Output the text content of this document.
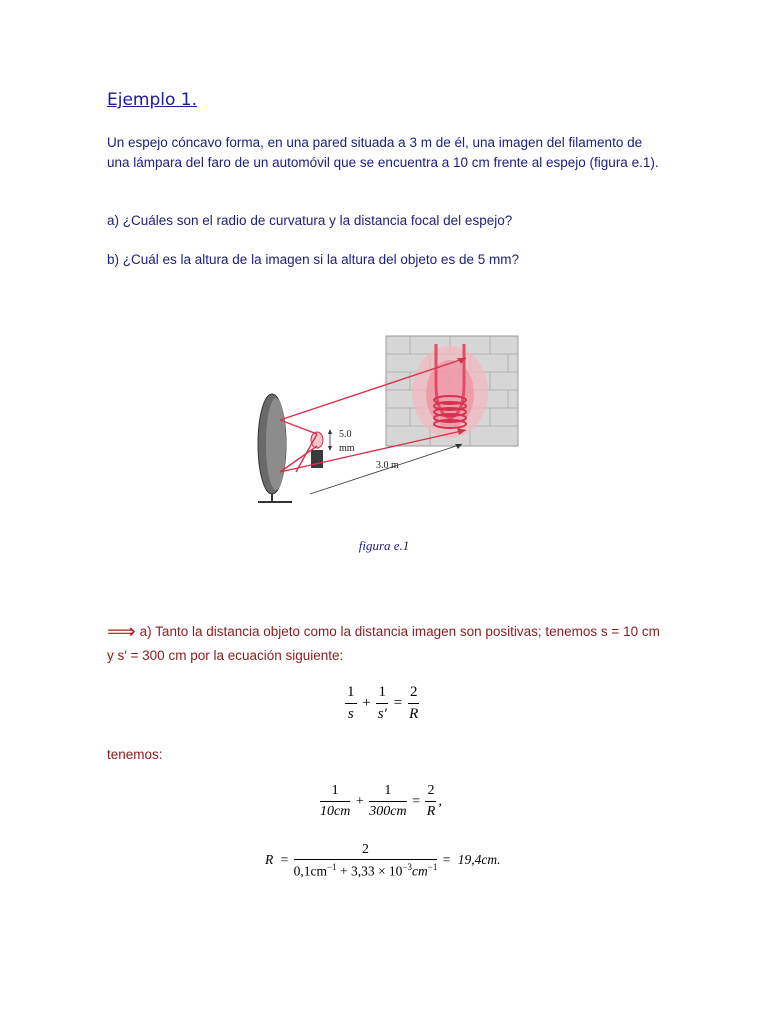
Ejemplo 1.
Un espejo cóncavo forma, en una pared situada a 3 m de él, una imagen del filamento de una lámpara del faro de un automóvil que se encuentra a 10 cm frente al espejo (figura e.1).
a) ¿Cuáles son el radio de curvatura y la distancia focal del espejo?
b) ¿Cuál es la altura de la imagen si la altura del objeto es de 5 mm?
5.0
mm
3.0 m
figura e.1
⟹ a) Tanto la distancia objeto como la distancia imagen son positivas; tenemos s = 10 cm y s′ = 300 cm por la ecuación siguiente:
$\frac{1}{s} + \frac{1}{s'} = \frac{2}{R}$
tenemos:
$\frac{1}{10cm} + \frac{1}{300cm} = \frac{2}{R}$ ,
$R = \frac{2}{0,1cm^{-1} + 3,33 \times 10^{-3}cm^{-1}} = 19,4cm$.
